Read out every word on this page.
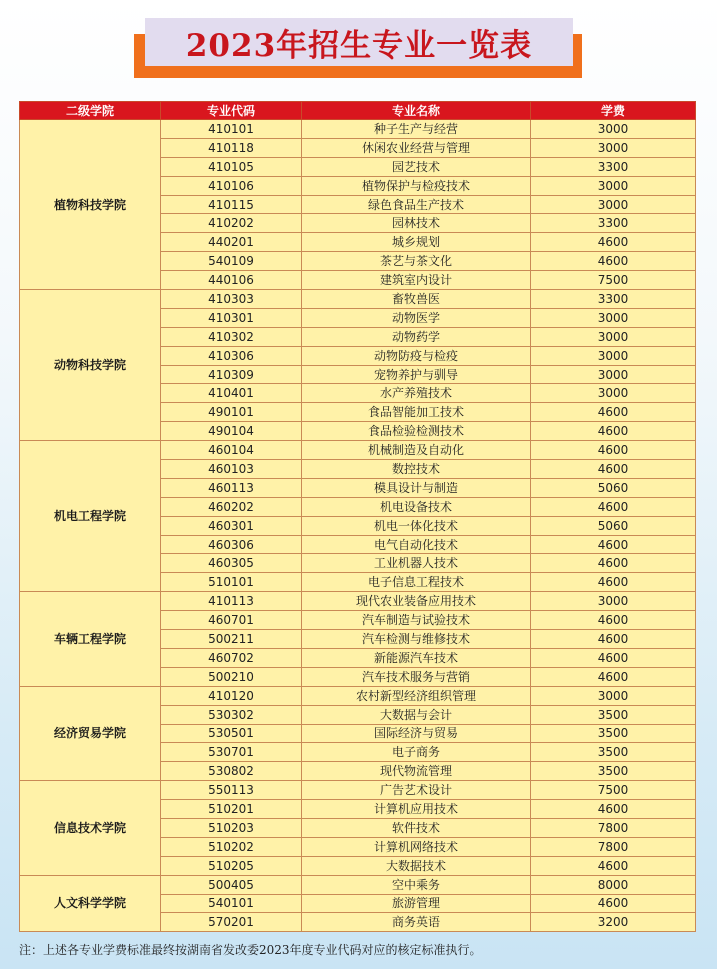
2023年招生专业一览表
二级学院	专业代码	专业名称	学费
植物科技学院	410101	种子生产与经营	3000
	410118	休闲农业经营与管理	3000
	410105	园艺技术	3300
	410106	植物保护与检疫技术	3000
	410115	绿色食品生产技术	3000
	410202	园林技术	3300
	440201	城乡规划	4600
	540109	茶艺与茶文化	4600
	440106	建筑室内设计	7500
动物科技学院	410303	畜牧兽医	3300
	410301	动物医学	3000
	410302	动物药学	3000
	410306	动物防疫与检疫	3000
	410309	宠物养护与驯导	3000
	410401	水产养殖技术	3000
	490101	食品智能加工技术	4600
	490104	食品检验检测技术	4600
机电工程学院	460104	机械制造及自动化	4600
	460103	数控技术	4600
	460113	模具设计与制造	5060
	460202	机电设备技术	4600
	460301	机电一体化技术	5060
	460306	电气自动化技术	4600
	460305	工业机器人技术	4600
	510101	电子信息工程技术	4600
车辆工程学院	410113	现代农业装备应用技术	3000
	460701	汽车制造与试验技术	4600
	500211	汽车检测与维修技术	4600
	460702	新能源汽车技术	4600
	500210	汽车技术服务与营销	4600
经济贸易学院	410120	农村新型经济组织管理	3000
	530302	大数据与会计	3500
	530501	国际经济与贸易	3500
	530701	电子商务	3500
	530802	现代物流管理	3500
信息技术学院	550113	广告艺术设计	7500
	510201	计算机应用技术	4600
	510203	软件技术	7800
	510202	计算机网络技术	7800
	510205	大数据技术	4600
人文科学学院	500405	空中乘务	8000
	540101	旅游管理	4600
	570201	商务英语	3200
注：上述各专业学费标准最终按湖南省发改委2023年度专业代码对应的核定标准执行。
